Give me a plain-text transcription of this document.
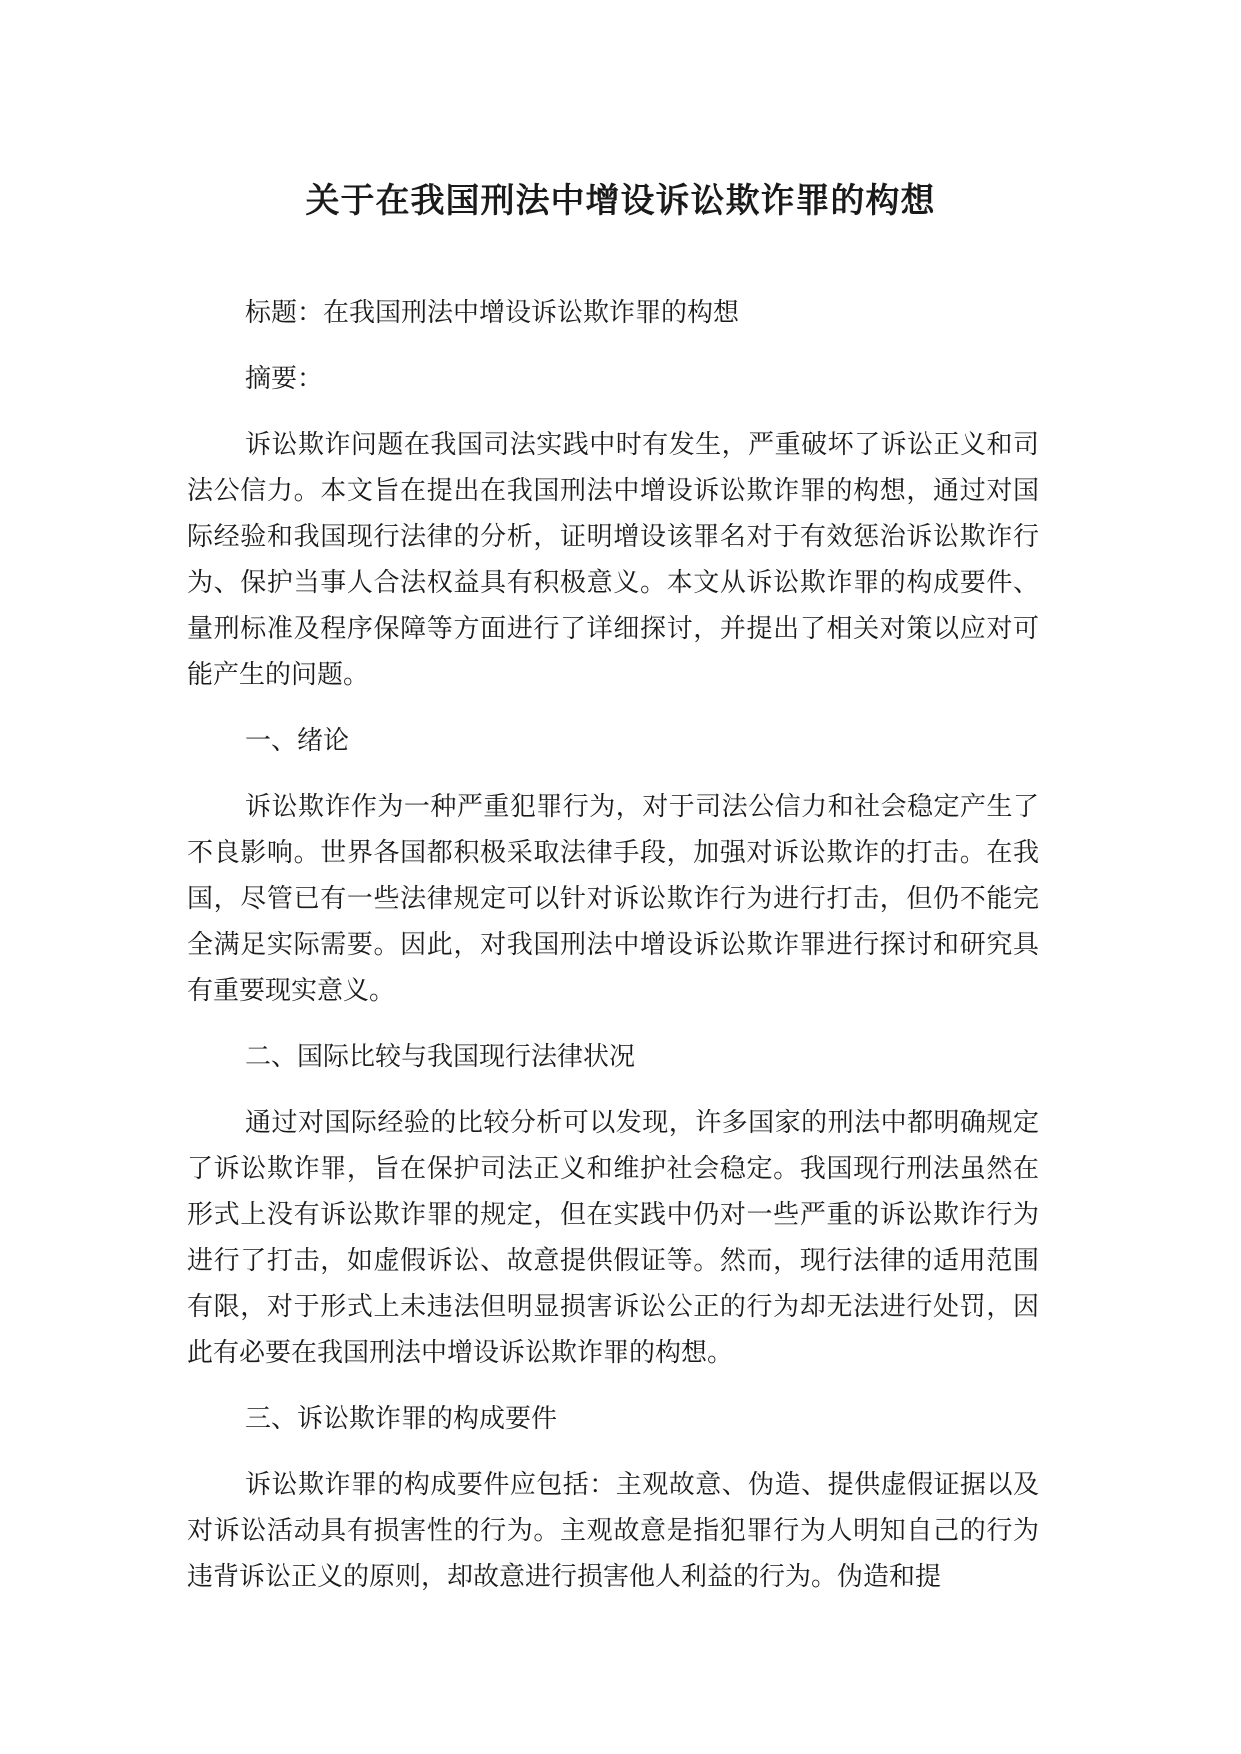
关于在我国刑法中增设诉讼欺诈罪的构想

标题：在我国刑法中增设诉讼欺诈罪的构想

摘要：

诉讼欺诈问题在我国司法实践中时有发生，严重破坏了诉讼正义和司法公信力。本文旨在提出在我国刑法中增设诉讼欺诈罪的构想，通过对国际经验和我国现行法律的分析，证明增设该罪名对于有效惩治诉讼欺诈行为、保护当事人合法权益具有积极意义。本文从诉讼欺诈罪的构成要件、量刑标准及程序保障等方面进行了详细探讨，并提出了相关对策以应对可能产生的问题。

一、绪论

诉讼欺诈作为一种严重犯罪行为，对于司法公信力和社会稳定产生了不良影响。世界各国都积极采取法律手段，加强对诉讼欺诈的打击。在我国，尽管已有一些法律规定可以针对诉讼欺诈行为进行打击，但仍不能完全满足实际需要。因此，对我国刑法中增设诉讼欺诈罪进行探讨和研究具有重要现实意义。

二、国际比较与我国现行法律状况

通过对国际经验的比较分析可以发现，许多国家的刑法中都明确规定了诉讼欺诈罪，旨在保护司法正义和维护社会稳定。我国现行刑法虽然在形式上没有诉讼欺诈罪的规定，但在实践中仍对一些严重的诉讼欺诈行为进行了打击，如虚假诉讼、故意提供假证等。然而，现行法律的适用范围有限，对于形式上未违法但明显损害诉讼公正的行为却无法进行处罚，因此有必要在我国刑法中增设诉讼欺诈罪的构想。

三、诉讼欺诈罪的构成要件

诉讼欺诈罪的构成要件应包括：主观故意、伪造、提供虚假证据以及对诉讼活动具有损害性的行为。主观故意是指犯罪行为人明知自己的行为违背诉讼正义的原则，却故意进行损害他人利益的行为。伪造和提
